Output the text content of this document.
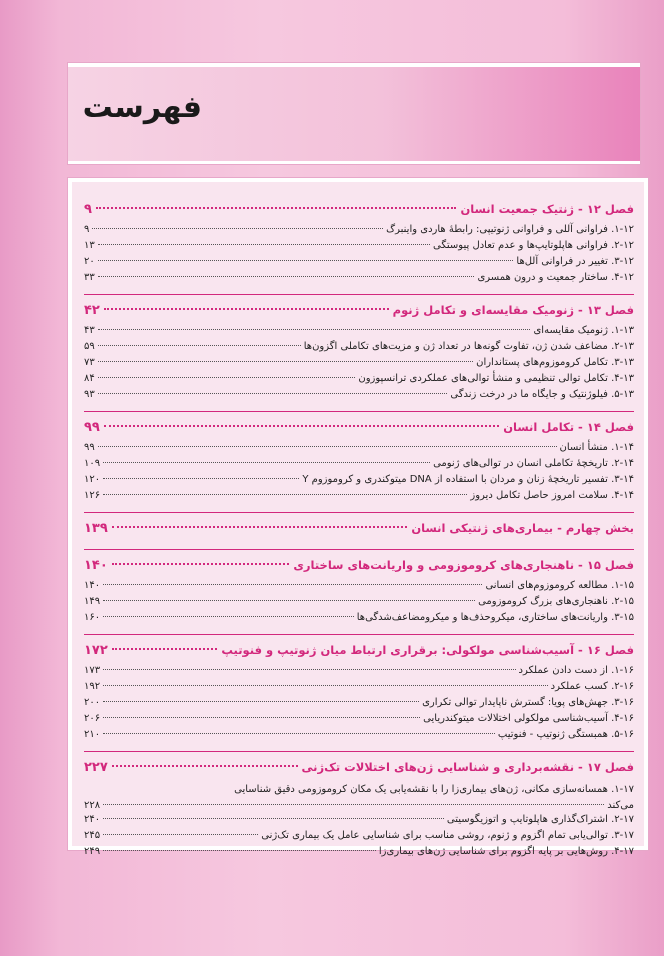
فهرست
فصل ۱۲ - ژنتیک جمعیت انسان
۹
۱-۱۲. فراوانی آللی و فراوانی ژنوتیپی: رابطهٔ هاردی واینبرگ
۹
۲-۱۲. فراوانی هاپلوتایپ‌ها و عدم تعادل پیوستگی
۱۳
۳-۱۲. تغییر در فراوانی آلل‌ها
۲۰
۴-۱۲. ساختار جمعیت و درون همسری
۳۳
فصل ۱۳ - ژنومیک مقایسه‌ای و تکامل ژنوم
۴۲
۱-۱۳. ژنومیک مقایسه‌ای
۴۳
۲-۱۳. مضاعف شدن ژن، تفاوت گونه‌ها در تعداد ژن و مزیت‌های تکاملی اگزون‌ها
۵۹
۳-۱۳. تکامل کروموزوم‌های پستانداران
۷۳
۴-۱۳. تکامل توالی تنظیمی و منشأ توالی‌های عملکردی ترانسپوزون
۸۴
۵-۱۳. فیلوژنتیک و جایگاه ما در درخت زندگی
۹۳
فصل ۱۴ - تکامل انسان
۹۹
۱-۱۴. منشأ انسان
۹۹
۲-۱۴. تاریخچهٔ تکاملی انسان در توالی‌های ژنومی
۱۰۹
۳-۱۴. تفسیر تاریخچهٔ زنان و مردان با استفاده از DNA میتوکندری و کروموزوم Y
۱۲۰
۴-۱۴. سلامت امروز حاصل تکامل دیروز
۱۲۶
بخش چهارم - بیماری‌های ژنتیکی انسان
۱۳۹
فصل ۱۵ - ناهنجاری‌های کروموزومی و واریانت‌های ساختاری
۱۴۰
۱-۱۵. مطالعه کروموزوم‌های انسانی
۱۴۰
۲-۱۵. ناهنجاری‌های بزرگ کروموزومی
۱۴۹
۳-۱۵. واریانت‌های ساختاری، میکروحذف‌ها و میکرومضاعف‌شدگی‌ها
۱۶۰
فصل ۱۶ - آسیب‌شناسی مولکولی: برقراری ارتباط میان ژنوتیپ و فنوتیپ
۱۷۲
۱-۱۶. از دست دادن عملکرد
۱۷۳
۲-۱۶. کسب عملکرد
۱۹۲
۳-۱۶. جهش‌های پویا: گسترش ناپایدار توالی تکراری
۲۰۰
۴-۱۶. آسیب‌شناسی مولکولی اختلالات میتوکندریایی
۲۰۶
۵-۱۶. همبستگی ژنوتیپ - فنوتیپ
۲۱۰
فصل ۱۷ - نقشه‌برداری و شناسایی ژن‌های اختلالات تک‌ژنی
۲۲۷
۱-۱۷. همسانه‌سازی مکانی، ژن‌های بیماری‌زا را با نقشه‌یابی یک مکان کروموزومی دقیق شناسایی
می‌کند
۲۲۸
۲-۱۷. اشتراک‌گذاری هاپلوتایپ و اتوزیگوسیتی
۲۴۰
۳-۱۷. توالی‌یابی تمام اگزوم و ژنوم، روشی مناسب برای شناسایی عامل یک بیماری تک‌ژنی
۲۴۵
۴-۱۷. روش‌هایی بر پایه اگزوم برای شناسایی ژن‌های بیماری‌زا
۲۴۹
